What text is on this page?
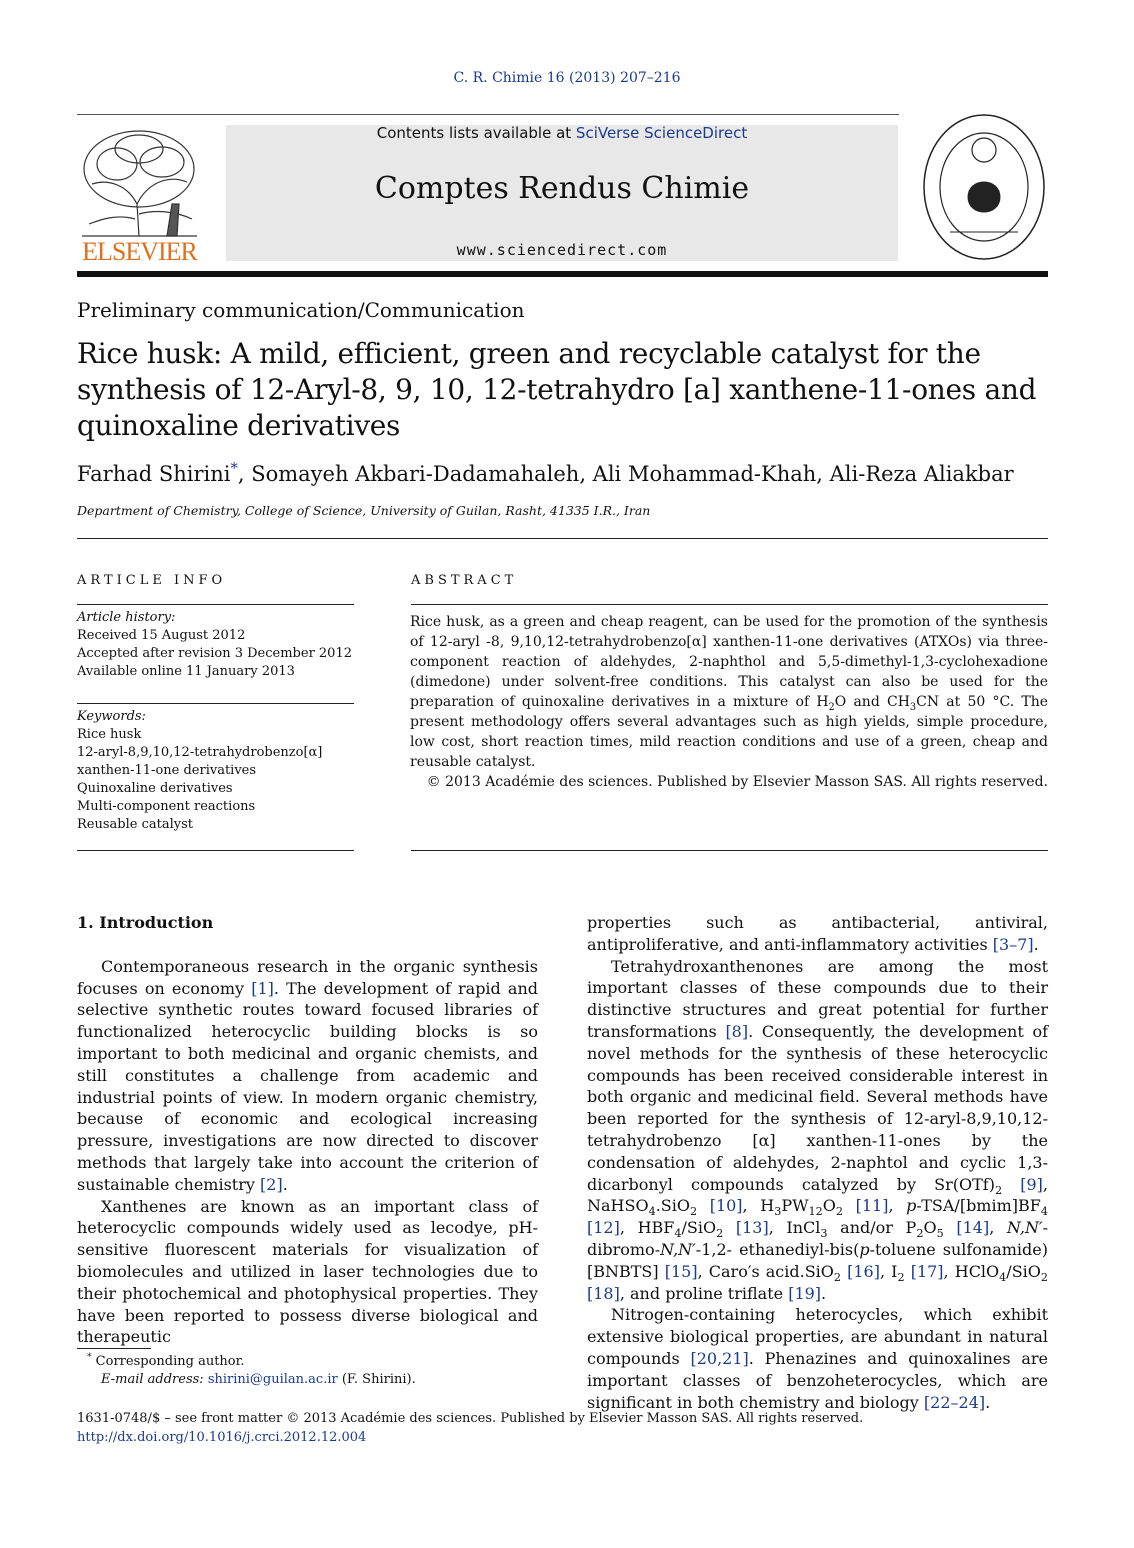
C. R. Chimie 16 (2013) 207–216
ELSEVIER
Contents lists available at SciVerse ScienceDirect
Comptes Rendus Chimie
www.sciencedirect.com
Preliminary communication/Communication
Rice husk: A mild, efficient, green and recyclable catalyst for the synthesis of 12-Aryl-8, 9, 10, 12-tetrahydro [a] xanthene-11-ones and quinoxaline derivatives
Farhad Shirini*, Somayeh Akbari-Dadamahaleh, Ali Mohammad-Khah, Ali-Reza Aliakbar
Department of Chemistry, College of Science, University of Guilan, Rasht, 41335 I.R., Iran
ARTICLE INFO
Article history:
Received 15 August 2012
Accepted after revision 3 December 2012
Available online 11 January 2013
Keywords:
Rice husk
12-aryl-8,9,10,12-tetrahydrobenzo[α]
xanthen-11-one derivatives
Quinoxaline derivatives
Multi-component reactions
Reusable catalyst
ABSTRACT
Rice husk, as a green and cheap reagent, can be used for the promotion of the synthesis of 12-aryl -8, 9,10,12-tetrahydrobenzo[α] xanthen-11-one derivatives (ATXOs) via three-component reaction of aldehydes, 2-naphthol and 5,5-dimethyl-1,3-cyclohexadione (dimedone) under solvent-free conditions. This catalyst can also be used for the preparation of quinoxaline derivatives in a mixture of $H_2O$ and $CH_3CN$ at 50 °C. The present methodology offers several advantages such as high yields, simple procedure, low cost, short reaction times, mild reaction conditions and use of a green, cheap and reusable catalyst.
© 2013 Académie des sciences. Published by Elsevier Masson SAS. All rights reserved.

1. Introduction

Contemporaneous research in the organic synthesis focuses on economy [1]. The development of rapid and selective synthetic routes toward focused libraries of functionalized heterocyclic building blocks is so important to both medicinal and organic chemists, and still constitutes a challenge from academic and industrial points of view. In modern organic chemistry, because of economic and ecological increasing pressure, investigations are now directed to discover methods that largely take into account the criterion of sustainable chemistry [2].

Xanthenes are known as an important class of heterocyclic compounds widely used as lecodye, pH-sensitive fluorescent materials for visualization of biomolecules and utilized in laser technologies due to their photochemical and photophysical properties. They have been reported to possess diverse biological and therapeutic

properties such as antibacterial, antiviral, antiproliferative, and anti-inflammatory activities [3–7].

Tetrahydroxanthenones are among the most important classes of these compounds due to their distinctive structures and great potential for further transformations [8]. Consequently, the development of novel methods for the synthesis of these heterocyclic compounds has been received considerable interest in both organic and medicinal field. Several methods have been reported for the synthesis of 12-aryl-8,9,10,12-tetrahydrobenzo [α] xanthen-11-ones by the condensation of aldehydes, 2-naphtol and cyclic 1,3-dicarbonyl compounds catalyzed by $Sr(OTf)_2$ [9], NaHSO$_4$.SiO$_2$ [10], $H_3PW_{12}O_2$ [11], $p-TSA/[bmim]BF_4$ [12], $HBF_4/SiO_2$ [13], InCl$_3$ and/or $P_2O_5$ [14], N,N′-dibromo-N,N′-1,2- ethanediyl-bis(p-toluene sulfonamide) [BNBTS] [15], Caro′s acid.SiO$_2$ [16], $I_2$ [17], HClO$_4$/SiO$_2$ [18], and proline triflate [19].

Nitrogen-containing heterocycles, which exhibit extensive biological properties, are abundant in natural compounds [20,21]. Phenazines and quinoxalines are important classes of benzoheterocycles, which are significant in both chemistry and biology [22–24].

* Corresponding author.
E-mail address: shirini@guilan.ac.ir (F. Shirini).
1631-0748/$ – see front matter © 2013 Académie des sciences. Published by Elsevier Masson SAS. All rights reserved.
http://dx.doi.org/10.1016/j.crci.2012.12.004
